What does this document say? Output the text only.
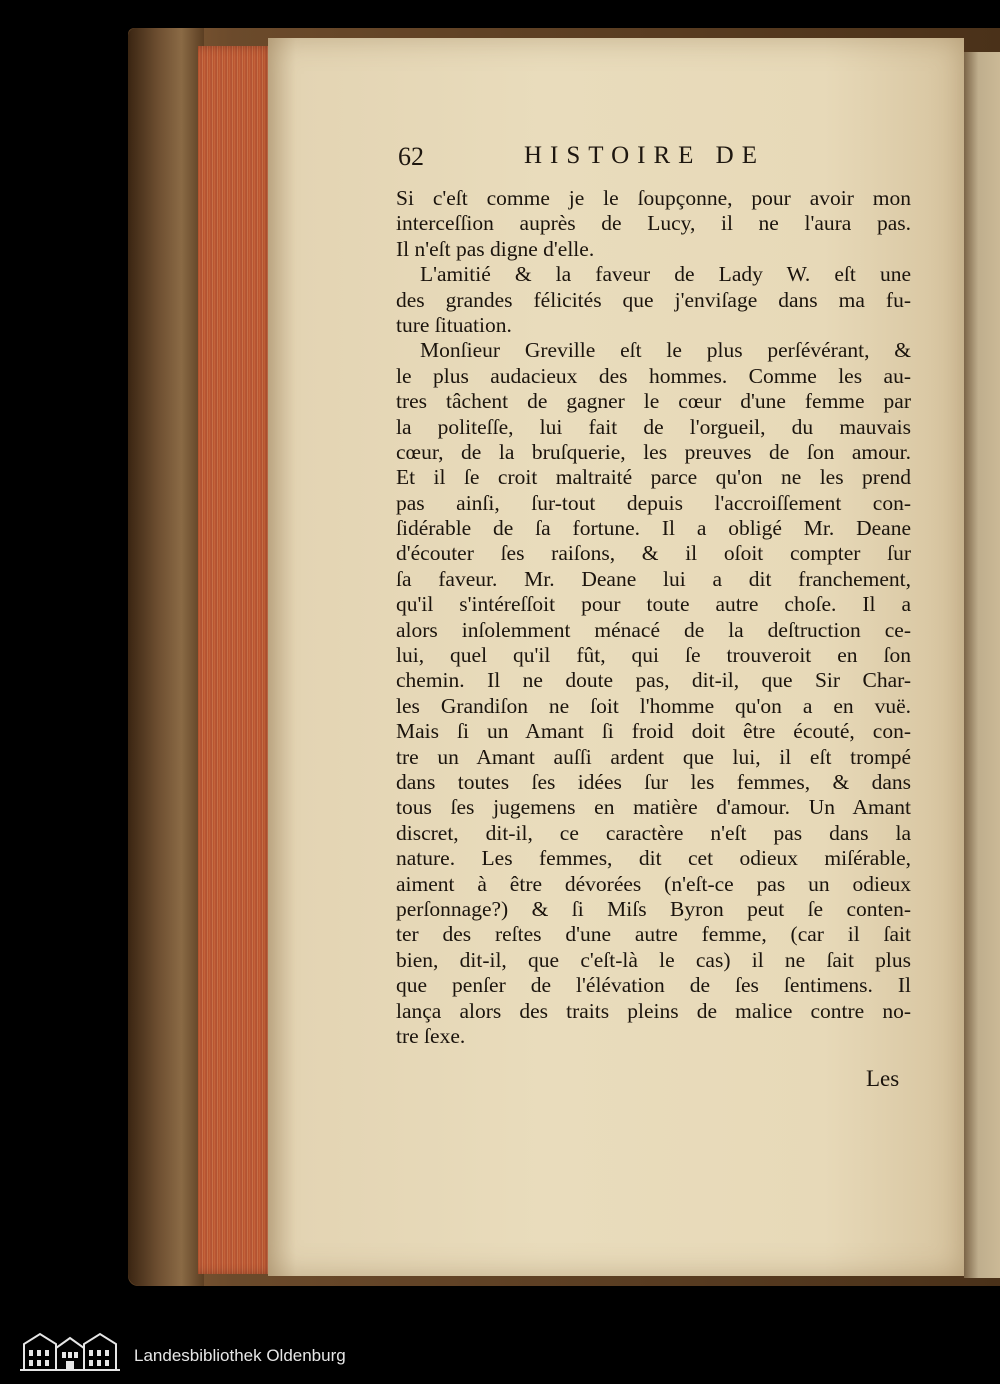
62	HISTOIRE DE
Si c'eſt comme je le ſoupçonne, pour avoir mon
interceſſion auprès de Lucy, il ne l'aura pas.
Il n'eſt pas digne d'elle.
L'amitié & la faveur de Lady W. eſt une
des grandes félicités que j'enviſage dans ma fu-
ture ſituation.
Monſieur Greville eſt le plus perſévérant, &
le plus audacieux des hommes. Comme les au-
tres tâchent de gagner le cœur d'une femme par
la politeſſe, lui fait de l'orgueil, du mauvais
cœur, de la bruſquerie, les preuves de ſon amour.
Et il ſe croit maltraité parce qu'on ne les prend
pas ainſi, ſur-tout depuis l'accroiſſement con-
ſidérable de ſa fortune. Il a obligé Mr. Deane
d'écouter ſes raiſons, & il oſoit compter ſur
ſa faveur. Mr. Deane lui a dit franchement,
qu'il s'intéreſſoit pour toute autre choſe. Il a
alors inſolemment ménacé de la deſtruction ce-
lui, quel qu'il fût, qui ſe trouveroit en ſon
chemin. Il ne doute pas, dit-il, que Sir Char-
les Grandiſon ne ſoit l'homme qu'on a en vuë.
Mais ſi un Amant ſi froid doit être écouté, con-
tre un Amant auſſi ardent que lui, il eſt trompé
dans toutes ſes idées ſur les femmes, & dans
tous ſes jugemens en matière d'amour. Un Amant
discret, dit-il, ce caractère n'eſt pas dans la
nature. Les femmes, dit cet odieux miſérable,
aiment à être dévorées (n'eſt-ce pas un odieux
perſonnage?) & ſi Miſs Byron peut ſe conten-
ter des reſtes d'une autre femme, (car il ſait
bien, dit-il, que c'eſt-là le cas) il ne ſait plus
que penſer de l'élévation de ſes ſentimens. Il
lança alors des traits pleins de malice contre no-
tre ſexe.
Les
Landesbibliothek Oldenburg
